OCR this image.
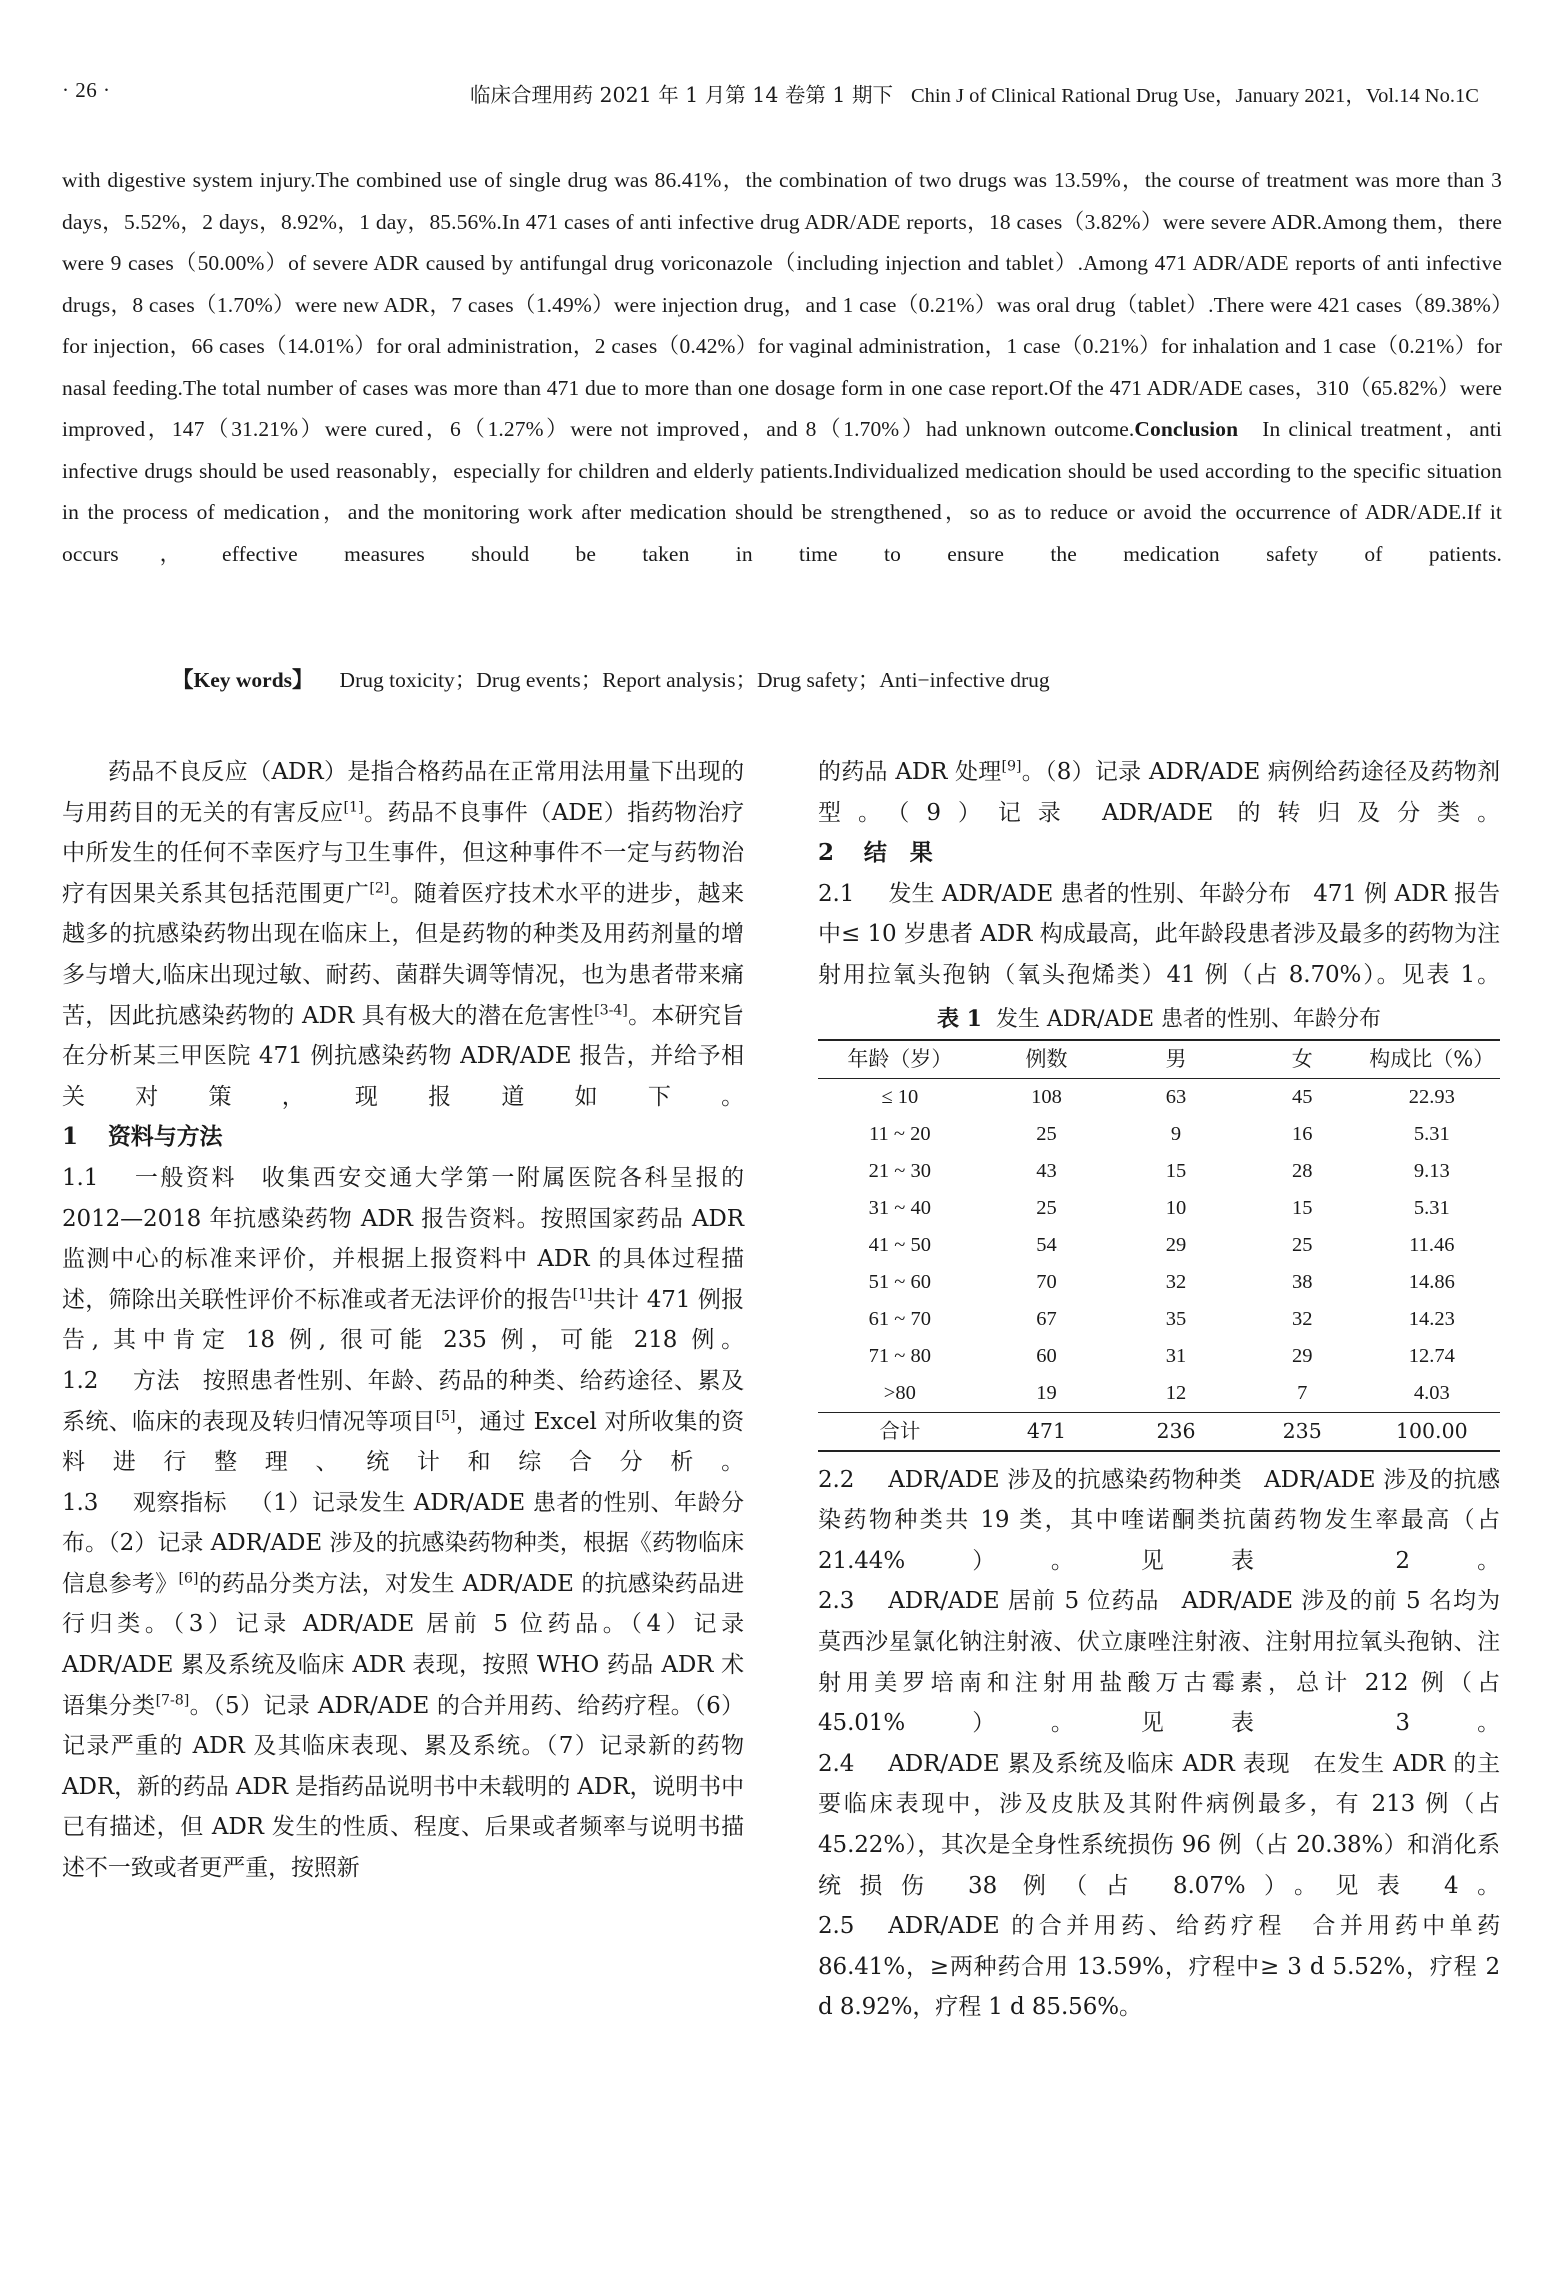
· 26 ·	临床合理用药 2021 年 1 月第 14 卷第 1 期下 Chin J of Clinical Rational Drug Use，January 2021，Vol.14 No.1C

with digestive system injury.The combined use of single drug was 86.41%，the combination of two drugs was 13.59%，the course of treatment was more than 3 days，5.52%，2 days，8.92%，1 day，85.56%.In 471 cases of anti infective drug ADR/ADE reports，18 cases（3.82%）were severe ADR.Among them，there were 9 cases（50.00%）of severe ADR caused by antifungal drug voriconazole（including injection and tablet）.Among 471 ADR/ADE reports of anti infective drugs，8 cases（1.70%）were new ADR，7 cases（1.49%）were injection drug，and 1 case（0.21%）was oral drug（tablet）.There were 421 cases（89.38%）for injection，66 cases（14.01%）for oral administration，2 cases（0.42%）for vaginal administration，1 case（0.21%）for inhalation and 1 case（0.21%）for nasal feeding.The total number of cases was more than 471 due to more than one dosage form in one case report.Of the 471 ADR/ADE cases，310（65.82%）were improved，147（31.21%）were cured，6（1.27%）were not improved，and 8（1.70%）had unknown outcome.Conclusion In clinical treatment，anti infective drugs should be used reasonably，especially for children and elderly patients.Individualized medication should be used according to the specific situation in the process of medication，and the monitoring work after medication should be strengthened，so as to reduce or avoid the occurrence of ADR/ADE.If it occurs，effective measures should be taken in time to ensure the medication safety of patients.

【Key words】 Drug toxicity；Drug events；Report analysis；Drug safety；Anti−infective drug

药品不良反应（ADR）是指合格药品在正常用法用量下出现的与用药目的无关的有害反应[1]。药品不良事件（ADE）指药物治疗中所发生的任何不幸医疗与卫生事件，但这种事件不一定与药物治疗有因果关系其包括范围更广[2]。随着医疗技术水平的进步，越来越多的抗感染药物出现在临床上，但是药物的种类及用药剂量的增多与增大,临床出现过敏、耐药、菌群失调等情况，也为患者带来痛苦，因此抗感染药物的 ADR 具有极大的潜在危害性[3-4]。本研究旨在分析某三甲医院 471 例抗感染药物 ADR/ADE 报告，并给予相关对策，现报道如下。

1 资料与方法

1.1 一般资料 收集西安交通大学第一附属医院各科呈报的 2012—2018 年抗感染药物 ADR 报告资料。按照国家药品 ADR 监测中心的标准来评价，并根据上报资料中 ADR 的具体过程描述，筛除出关联性评价不标准或者无法评价的报告[1]共计 471 例报告, 其中肯定 18 例, 很可能 235 例，可能 218 例。

1.2 方法 按照患者性别、年龄、药品的种类、给药途径、累及系统、临床的表现及转归情况等项目[5]，通过 Excel 对所收集的资料进行整理、统计和综合分析。

1.3 观察指标 （1）记录发生 ADR/ADE 患者的性别、年龄分布。（2）记录 ADR/ADE 涉及的抗感染药物种类，根据《药物临床信息参考》[6]的药品分类方法，对发生 ADR/ADE 的抗感染药品进行归类。（3）记录 ADR/ADE 居前 5 位药品。（4）记录 ADR/ADE 累及系统及临床 ADR 表现，按照 WHO 药品 ADR 术语集分类[7-8]。（5）记录 ADR/ADE 的合并用药、给药疗程。（6）记录严重的 ADR 及其临床表现、累及系统。（7）记录新的药物 ADR，新的药品 ADR 是指药品说明书中未载明的 ADR，说明书中已有描述，但 ADR 发生的性质、程度、后果或者频率与说明书描述不一致或者更严重，按照新

的药品 ADR 处理[9]。（8）记录 ADR/ADE 病例给药途径及药物剂型。（9）记录 ADR/ADE 的转归及分类。

2 结　果

2.1 发生 ADR/ADE 患者的性别、年龄分布 471 例 ADR 报告中≤ 10 岁患者 ADR 构成最高，此年龄段患者涉及最多的药物为注射用拉氧头孢钠（氧头孢烯类）41 例（占 8.70%）。见表 1。

表 1 发生 ADR/ADE 患者的性别、年龄分布
年龄（岁）	例数	男	女	构成比（%）
≤ 10	108	63	45	22.93
11 ~ 20	25	9	16	5.31
21 ~ 30	43	15	28	9.13
31 ~ 40	25	10	15	5.31
41 ~ 50	54	29	25	11.46
51 ~ 60	70	32	38	14.86
61 ~ 70	67	35	32	14.23
71 ~ 80	60	31	29	12.74
>80	19	12	7	4.03
合计	471	236	235	100.00

2.2 ADR/ADE 涉及的抗感染药物种类 ADR/ADE 涉及的抗感染药物种类共 19 类，其中喹诺酮类抗菌药物发生率最高（占 21.44%）。见表 2。

2.3 ADR/ADE 居前 5 位药品 ADR/ADE 涉及的前 5 名均为莫西沙星氯化钠注射液、伏立康唑注射液、注射用拉氧头孢钠、注射用美罗培南和注射用盐酸万古霉素，总计 212 例（占 45.01%）。见表 3。

2.4 ADR/ADE 累及系统及临床 ADR 表现 在发生 ADR 的主要临床表现中，涉及皮肤及其附件病例最多，有 213 例（占 45.22%），其次是全身性系统损伤 96 例（占 20.38%）和消化系统损伤 38 例（占 8.07%）。见表 4。

2.5 ADR/ADE 的合并用药、给药疗程 合并用药中单药 86.41%，≥两种药合用 13.59%，疗程中≥ 3 d 5.52%，疗程 2 d 8.92%，疗程 1 d 85.56%。
